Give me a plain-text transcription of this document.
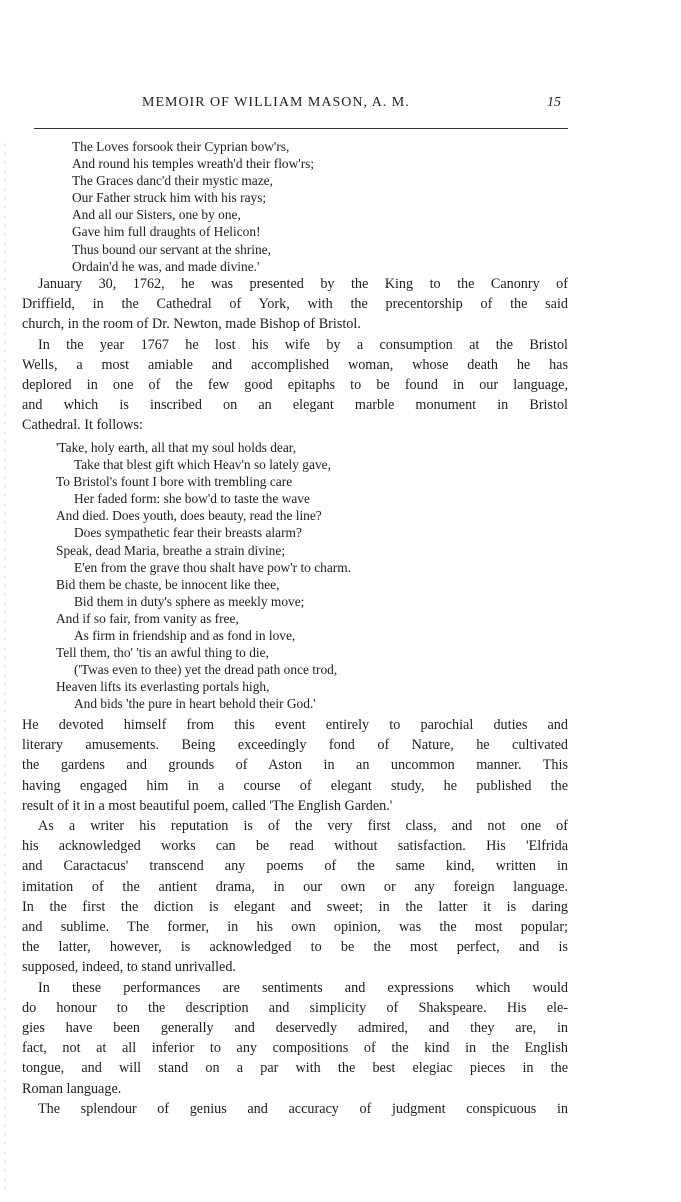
MEMOIR OF WILLIAM MASON, A. M.	15
The Loves forsook their Cyprian bow'rs,
And round his temples wreath'd their flow'rs;
The Graces danc'd their mystic maze,
Our Father struck him with his rays;
And all our Sisters, one by one,
Gave him full draughts of Helicon!
Thus bound our servant at the shrine,
Ordain'd he was, and made divine.'
January 30, 1762, he was presented by the King to the Canonry of
Driffield, in the Cathedral of York, with the precentorship of the said
church, in the room of Dr. Newton, made Bishop of Bristol.
In the year 1767 he lost his wife by a consumption at the Bristol
Wells, a most amiable and accomplished woman, whose death he has
deplored in one of the few good epitaphs to be found in our language,
and which is inscribed on an elegant marble monument in Bristol
Cathedral. It follows:
'Take, holy earth, all that my soul holds dear,
Take that blest gift which Heav'n so lately gave,
To Bristol's fount I bore with trembling care
Her faded form: she bow'd to taste the wave
And died. Does youth, does beauty, read the line?
Does sympathetic fear their breasts alarm?
Speak, dead Maria, breathe a strain divine;
E'en from the grave thou shalt have pow'r to charm.
Bid them be chaste, be innocent like thee,
Bid them in duty's sphere as meekly move;
And if so fair, from vanity as free,
As firm in friendship and as fond in love,
Tell them, tho' 'tis an awful thing to die,
('Twas even to thee) yet the dread path once trod,
Heaven lifts its everlasting portals high,
And bids 'the pure in heart behold their God.'
He devoted himself from this event entirely to parochial duties and
literary amusements. Being exceedingly fond of Nature, he cultivated
the gardens and grounds of Aston in an uncommon manner. This
having engaged him in a course of elegant study, he published the
result of it in a most beautiful poem, called 'The English Garden.'
As a writer his reputation is of the very first class, and not one of
his acknowledged works can be read without satisfaction. His 'Elfrida
and Caractacus' transcend any poems of the same kind, written in
imitation of the antient drama, in our own or any foreign language.
In the first the diction is elegant and sweet; in the latter it is daring
and sublime. The former, in his own opinion, was the most popular;
the latter, however, is acknowledged to be the most perfect, and is
supposed, indeed, to stand unrivalled.
In these performances are sentiments and expressions which would
do honour to the description and simplicity of Shakspeare. His ele-
gies have been generally and deservedly admired, and they are, in
fact, not at all inferior to any compositions of the kind in the English
tongue, and will stand on a par with the best elegiac pieces in the
Roman language.
The splendour of genius and accuracy of judgment conspicuous in
